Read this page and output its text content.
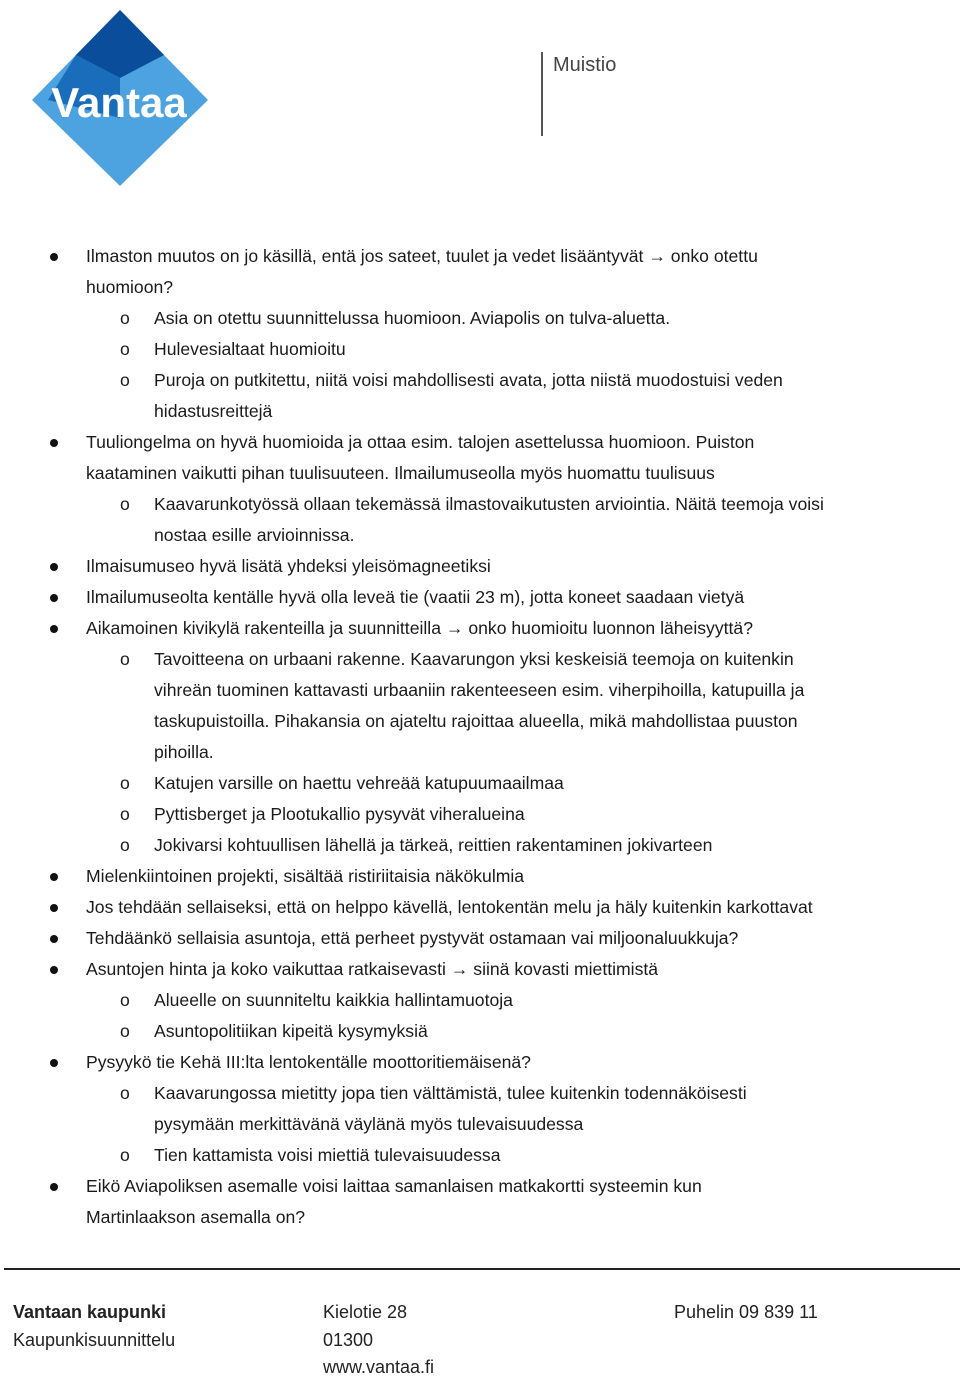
Vantaa
Muistio
Ilmaston muutos on jo käsillä, entä jos sateet, tuulet ja vedet lisääntyvät → onko otettu
huomioon?
o Asia on otettu suunnittelussa huomioon. Aviapolis on tulva-aluetta.
o Hulevesialtaat huomioitu
o Puroja on putkitettu, niitä voisi mahdollisesti avata, jotta niistä muodostuisi veden
hidastusreittejä
Tuuliongelma on hyvä huomioida ja ottaa esim. talojen asettelussa huomioon. Puiston
kaataminen vaikutti pihan tuulisuuteen. Ilmailumuseolla myös huomattu tuulisuus
o Kaavarunkotyössä ollaan tekemässä ilmastovaikutusten arviointia. Näitä teemoja voisi
nostaa esille arvioinnissa.
Ilmaisumuseo hyvä lisätä yhdeksi yleisömagneetiksi
Ilmailumuseolta kentälle hyvä olla leveä tie (vaatii 23 m), jotta koneet saadaan vietyä
Aikamoinen kivikylä rakenteilla ja suunnitteilla → onko huomioitu luonnon läheisyyttä?
o Tavoitteena on urbaani rakenne. Kaavarungon yksi keskeisiä teemoja on kuitenkin
vihreän tuominen kattavasti urbaaniin rakenteeseen esim. viherpihoilla, katupuilla ja
taskupuistoilla. Pihakansia on ajateltu rajoittaa alueella, mikä mahdollistaa puuston
pihoilla.
o Katujen varsille on haettu vehreää katupuumaailmaa
o Pyttisberget ja Plootukallio pysyvät viheralueina
o Jokivarsi kohtuullisen lähellä ja tärkeä, reittien rakentaminen jokivarteen
Mielenkiintoinen projekti, sisältää ristiriitaisia näkökulmia
Jos tehdään sellaiseksi, että on helppo kävellä, lentokentän melu ja häly kuitenkin karkottavat
Tehdäänkö sellaisia asuntoja, että perheet pystyvät ostamaan vai miljoonaluukkuja?
Asuntojen hinta ja koko vaikuttaa ratkaisevasti → siinä kovasti miettimistä
o Alueelle on suunniteltu kaikkia hallintamuotoja
o Asuntopolitiikan kipeitä kysymyksiä
Pysyykö tie Kehä III:lta lentokentälle moottoritiemäisenä?
o Kaavarungossa mietitty jopa tien välttämistä, tulee kuitenkin todennäköisesti
pysymään merkittävänä väylänä myös tulevaisuudessa
o Tien kattamista voisi miettiä tulevaisuudessa
Eikö Aviapoliksen asemalle voisi laittaa samanlaisen matkakortti systeemin kun
Martinlaakson asemalla on?
Vantaan kaupunki
Kaupunkisuunnittelu
Kielotie 28
01300
www.vantaa.fi
Puhelin 09 839 11
